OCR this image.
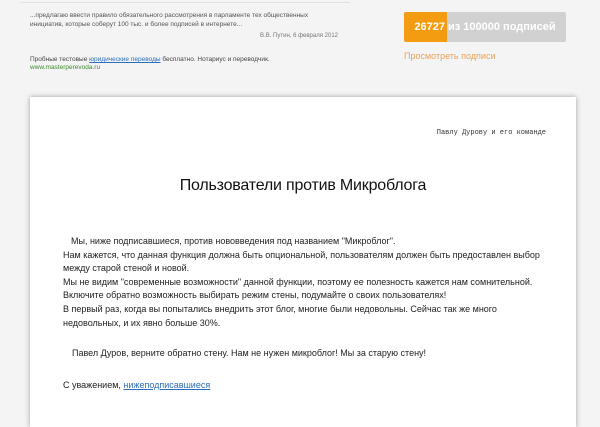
...предлагаю ввести правило обязательного рассмотрения в парламенте тех общественных инициатив, которые соберут 100 тыс. и более подписей в интернете...
В.В. Путин, 6 февраля 2012
Пробные тестовые юридические переводы бесплатно. Нотариус и переводчик.
www.masterperevoda.ru
26727 из 100000 подписей
Просмотреть подписи
Павлу Дурову и его команде
Пользователи против Микроблога

Мы, ниже подписавшиеся, против нововведения под названием "Микроблог".

Нам кажется, что данная функция должна быть опциональной, пользователям должен быть предоставлен выбор между старой стеной и новой.

Мы не видим "современные возможности" данной функции, поэтому ее полезность кажется нам сомнительной. Включите обратно возможность выбирать режим стены, подумайте о своих пользователях!

В первый раз, когда вы попытались внедрить этот блог, многие были недовольны. Сейчас так же много недовольных, и их явно больше 30%.

Павел Дуров, верните обратно стену. Нам не нужен микроблог! Мы за старую стену!
С уважением, нижеподписавшиеся
